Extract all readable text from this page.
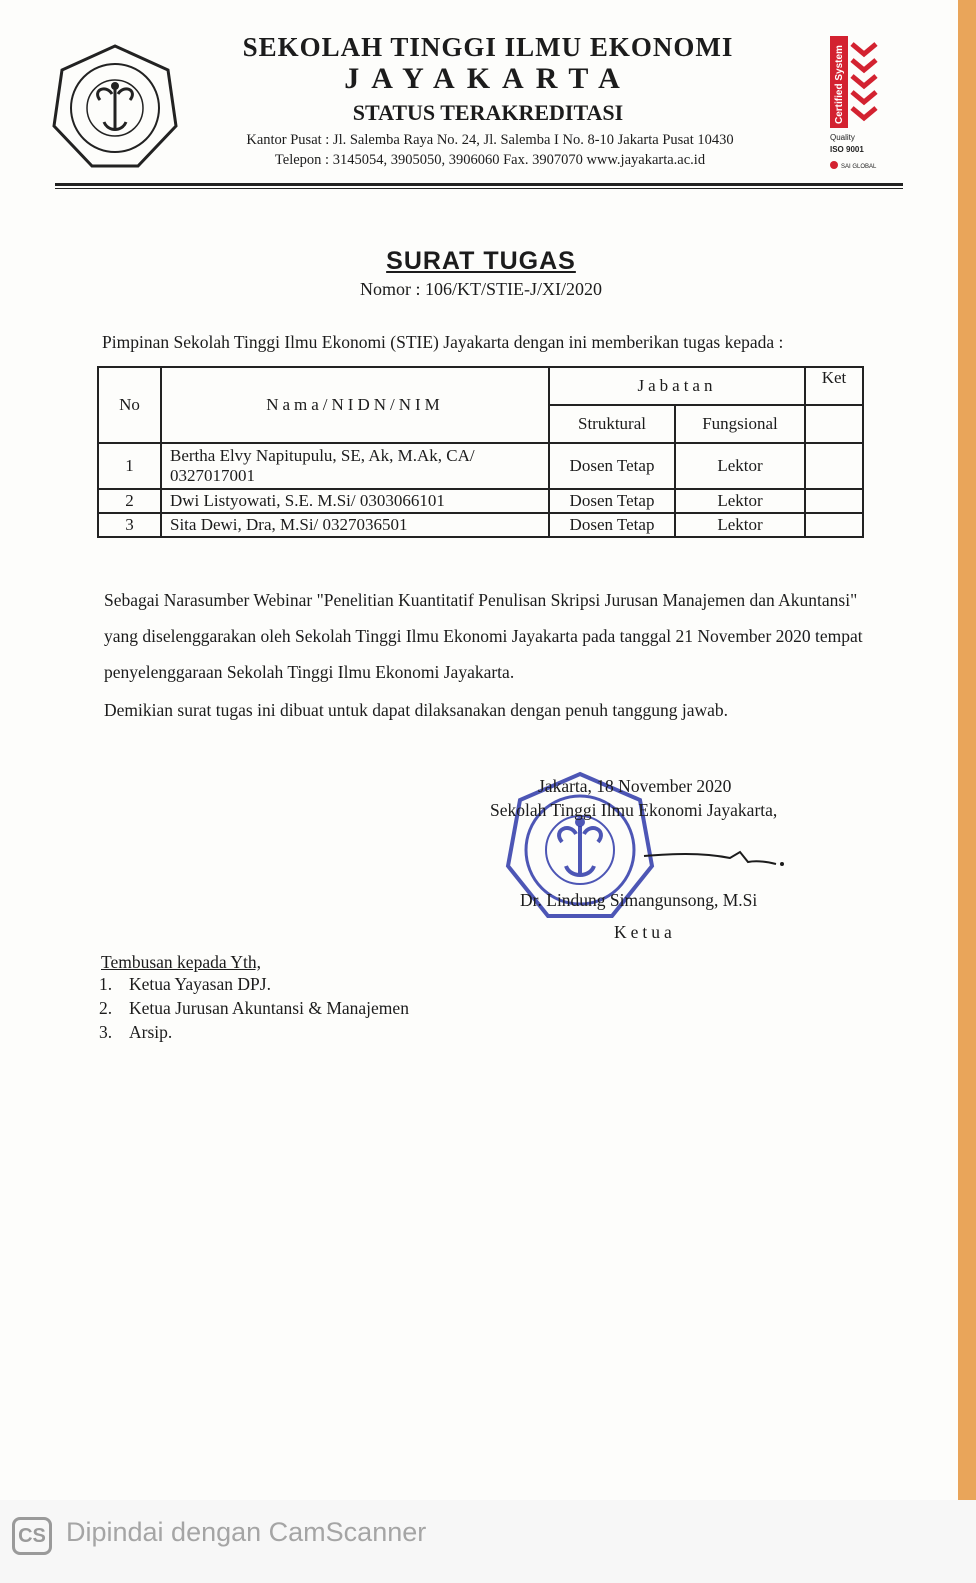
SEKOLAH TINGGI ILMU EKONOMI
JAYAKARTA
STATUS TERAKREDITASI
Kantor Pusat : Jl. Salemba Raya No. 24, Jl. Salemba I No. 8-10 Jakarta Pusat 10430
Telepon : 3145054, 3905050, 3906060 Fax. 3907070 www.jayakarta.ac.id
Certified System
Quality
ISO 9001
SAI GLOBAL
SURAT TUGAS
Nomor : 106/KT/STIE-J/XI/2020
Pimpinan Sekolah Tinggi Ilmu Ekonomi (STIE) Jayakarta dengan ini memberikan tugas kepada :
No	Nama/NIDN/NIM	Jabatan		Ket
		Struktural	Fungsional	
1	Bertha Elvy Napitupulu, SE, Ak, M.Ak, CA/
0327017001	Dosen Tetap	Lektor	
2	Dwi Listyowati, S.E. M.Si/ 0303066101	Dosen Tetap	Lektor	
3	Sita Dewi, Dra, M.Si/ 0327036501	Dosen Tetap	Lektor	
Sebagai Narasumber Webinar "Penelitian Kuantitatif Penulisan Skripsi Jurusan Manajemen dan Akuntansi" yang diselenggarakan oleh Sekolah Tinggi Ilmu Ekonomi Jayakarta pada tanggal 21 November 2020 tempat penyelenggaraan Sekolah Tinggi Ilmu Ekonomi Jayakarta.
Demikian surat tugas ini dibuat untuk dapat dilaksanakan dengan penuh tanggung jawab.
Jakarta, 18 November 2020
Sekolah Tinggi Ilmu Ekonomi Jayakarta,
Dr. Lindung Simangunsong, M.Si
Ketua
Tembusan kepada Yth,
1. Ketua Yayasan DPJ.
2. Ketua Jurusan Akuntansi & Manajemen
3. Arsip.
CS Dipindai dengan CamScanner
